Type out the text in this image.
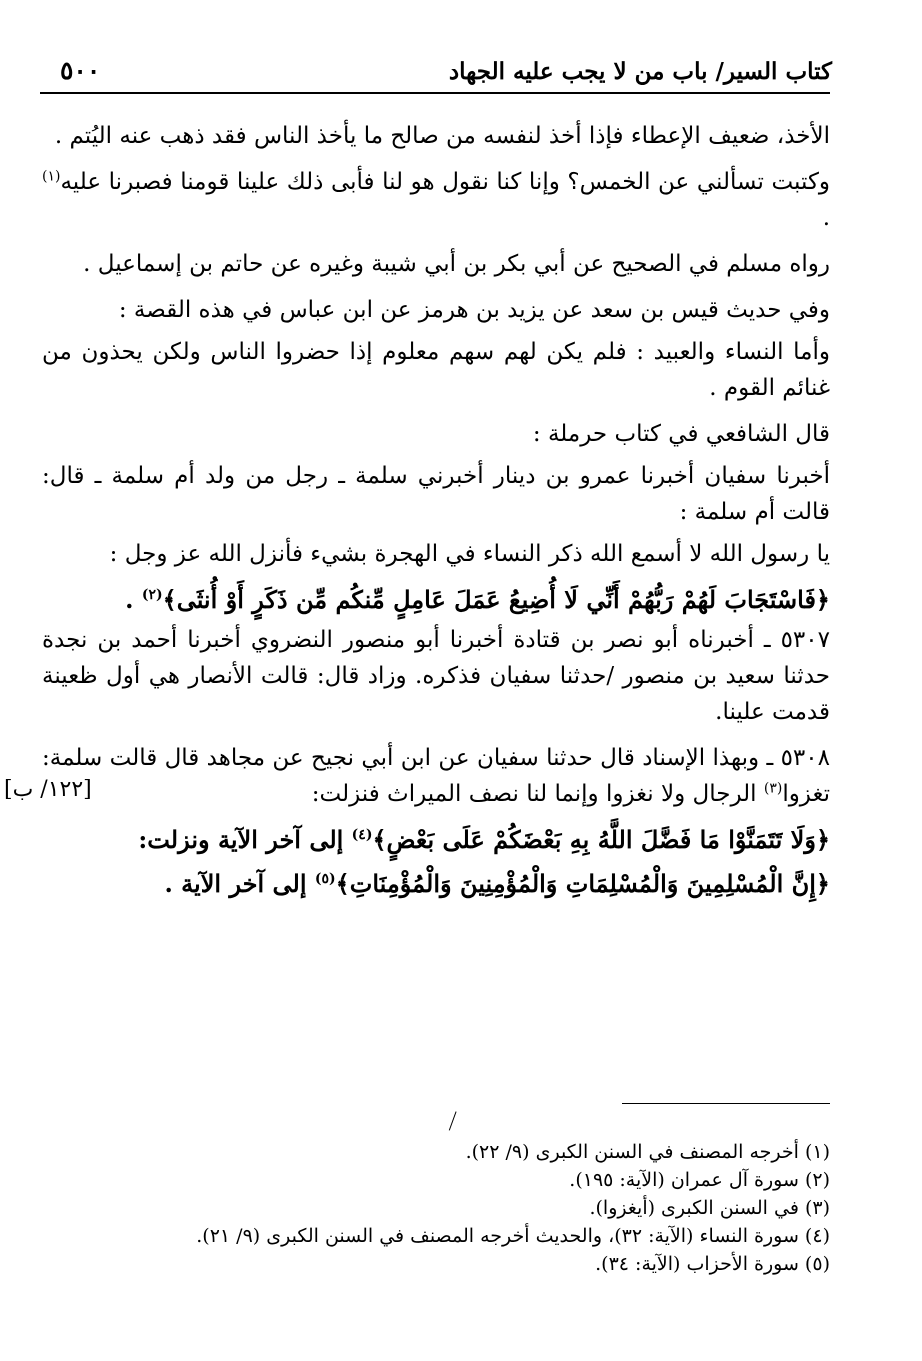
كتاب السير/ باب من لا يجب عليه الجهاد
٥٠٠
[١٢٢/ ب]

الأخذ، ضعيف الإعطاء فإذا أخذ لنفسه من صالح ما يأخذ الناس فقد ذهب عنه اليُتم .

وكتبت تسألني عن الخمس؟ وإنا كنا نقول هو لنا فأبى ذلك علينا قومنا فصبرنا عليه$^{(١)}$ .

رواه مسلم في الصحيح عن أبي بكر بن أبي شيبة وغيره عن حاتم بن إسماعيل .

وفي حديث قيس بن سعد عن يزيد بن هرمز عن ابن عباس في هذه القصة :

وأما النساء والعبيد : فلم يكن لهم سهم معلوم إذا حضروا الناس ولكن يحذون من غنائم القوم .

قال الشافعي في كتاب حرملة :

أخبرنا سفيان أخبرنا عمرو بن دينار أخبرني سلمة ـ رجل من ولد أم سلمة ـ قال: قالت أم سلمة :

يا رسول الله لا أسمع الله ذكر النساء في الهجرة بشيء فأنزل الله عز وجل :

﴿فَاسْتَجَابَ لَهُمْ رَبُّهُمْ أَنِّي لَا أُضِيعُ عَمَلَ عَامِلٍ مِّنكُم مِّن ذَكَرٍ أَوْ أُنثَى﴾$^{(٢)}$ .

٥٣٠٧ ـ أخبرناه أبو نصر بن قتادة أخبرنا أبو منصور النضروي أخبرنا أحمد بن نجدة حدثنا سعيد بن منصور /حدثنا سفيان فذكره. وزاد قال: قالت الأنصار هي أول ظعينة قدمت علينا.

٥٣٠٨ ـ وبهذا الإسناد قال حدثنا سفيان عن ابن أبي نجيح عن مجاهد قال قالت سلمة: تغزوا$^{(٣)}$ الرجال ولا نغزوا وإنما لنا نصف الميراث فنزلت:

﴿وَلَا تَتَمَنَّوْا مَا فَضَّلَ اللَّهُ بِهِ بَعْضَكُمْ عَلَى بَعْضٍ﴾$^{(٤)}$ إلى آخر الآية ونزلت:

﴿إِنَّ الْمُسْلِمِينَ وَالْمُسْلِمَاتِ وَالْمُؤْمِنِينَ وَالْمُؤْمِنَاتِ﴾$^{(٥)}$ إلى آخر الآية .

(١) أخرجه المصنف في السنن الكبرى (٩/ ٢٢).

(٢) سورة آل عمران (الآية: ١٩٥).

(٣) في السنن الكبرى (أيغزوا).

(٤) سورة النساء (الآية: ٣٢)، والحديث أخرجه المصنف في السنن الكبرى (٩/ ٢١).

(٥) سورة الأحزاب (الآية: ٣٤).
